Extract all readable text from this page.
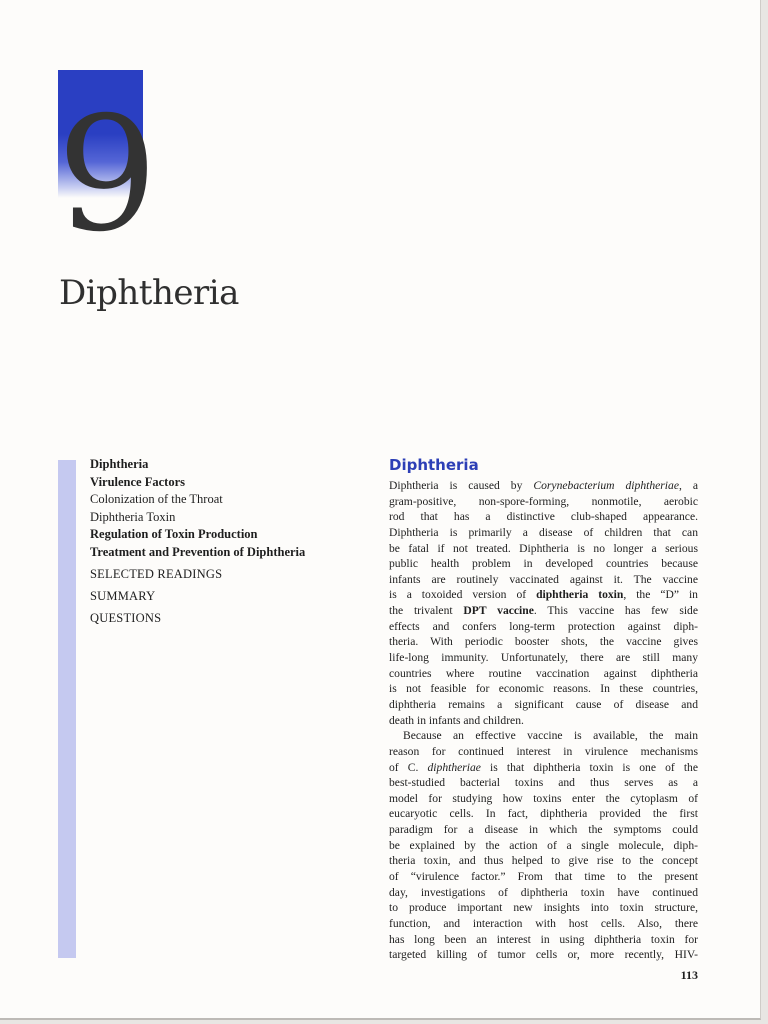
9
Diphtheria
Diphtheria
Virulence Factors
Colonization of the Throat
Diphtheria Toxin
Regulation of Toxin Production
Treatment and Prevention of Diphtheria
SELECTED READINGS
SUMMARY
QUESTIONS
Diphtheria
Diphtheria is caused by Corynebacterium diphtheriae, a
gram-positive, non-spore-forming, nonmotile, aerobic
rod that has a distinctive club-shaped appearance.
Diphtheria is primarily a disease of children that can
be fatal if not treated. Diphtheria is no longer a serious
public health problem in developed countries because
infants are routinely vaccinated against it. The vaccine
is a toxoided version of diphtheria toxin, the “D” in
the trivalent DPT vaccine. This vaccine has few side
effects and confers long-term protection against diph-
theria. With periodic booster shots, the vaccine gives
life-long immunity. Unfortunately, there are still many
countries where routine vaccination against diphtheria
is not feasible for economic reasons. In these countries,
diphtheria remains a significant cause of disease and
death in infants and children.
Because an effective vaccine is available, the main
reason for continued interest in virulence mechanisms
of C. diphtheriae is that diphtheria toxin is one of the
best-studied bacterial toxins and thus serves as a
model for studying how toxins enter the cytoplasm of
eucaryotic cells. In fact, diphtheria provided the first
paradigm for a disease in which the symptoms could
be explained by the action of a single molecule, diph-
theria toxin, and thus helped to give rise to the concept
of “virulence factor.” From that time to the present
day, investigations of diphtheria toxin have continued
to produce important new insights into toxin structure,
function, and interaction with host cells. Also, there
has long been an interest in using diphtheria toxin for
targeted killing of tumor cells or, more recently, HIV-
113
